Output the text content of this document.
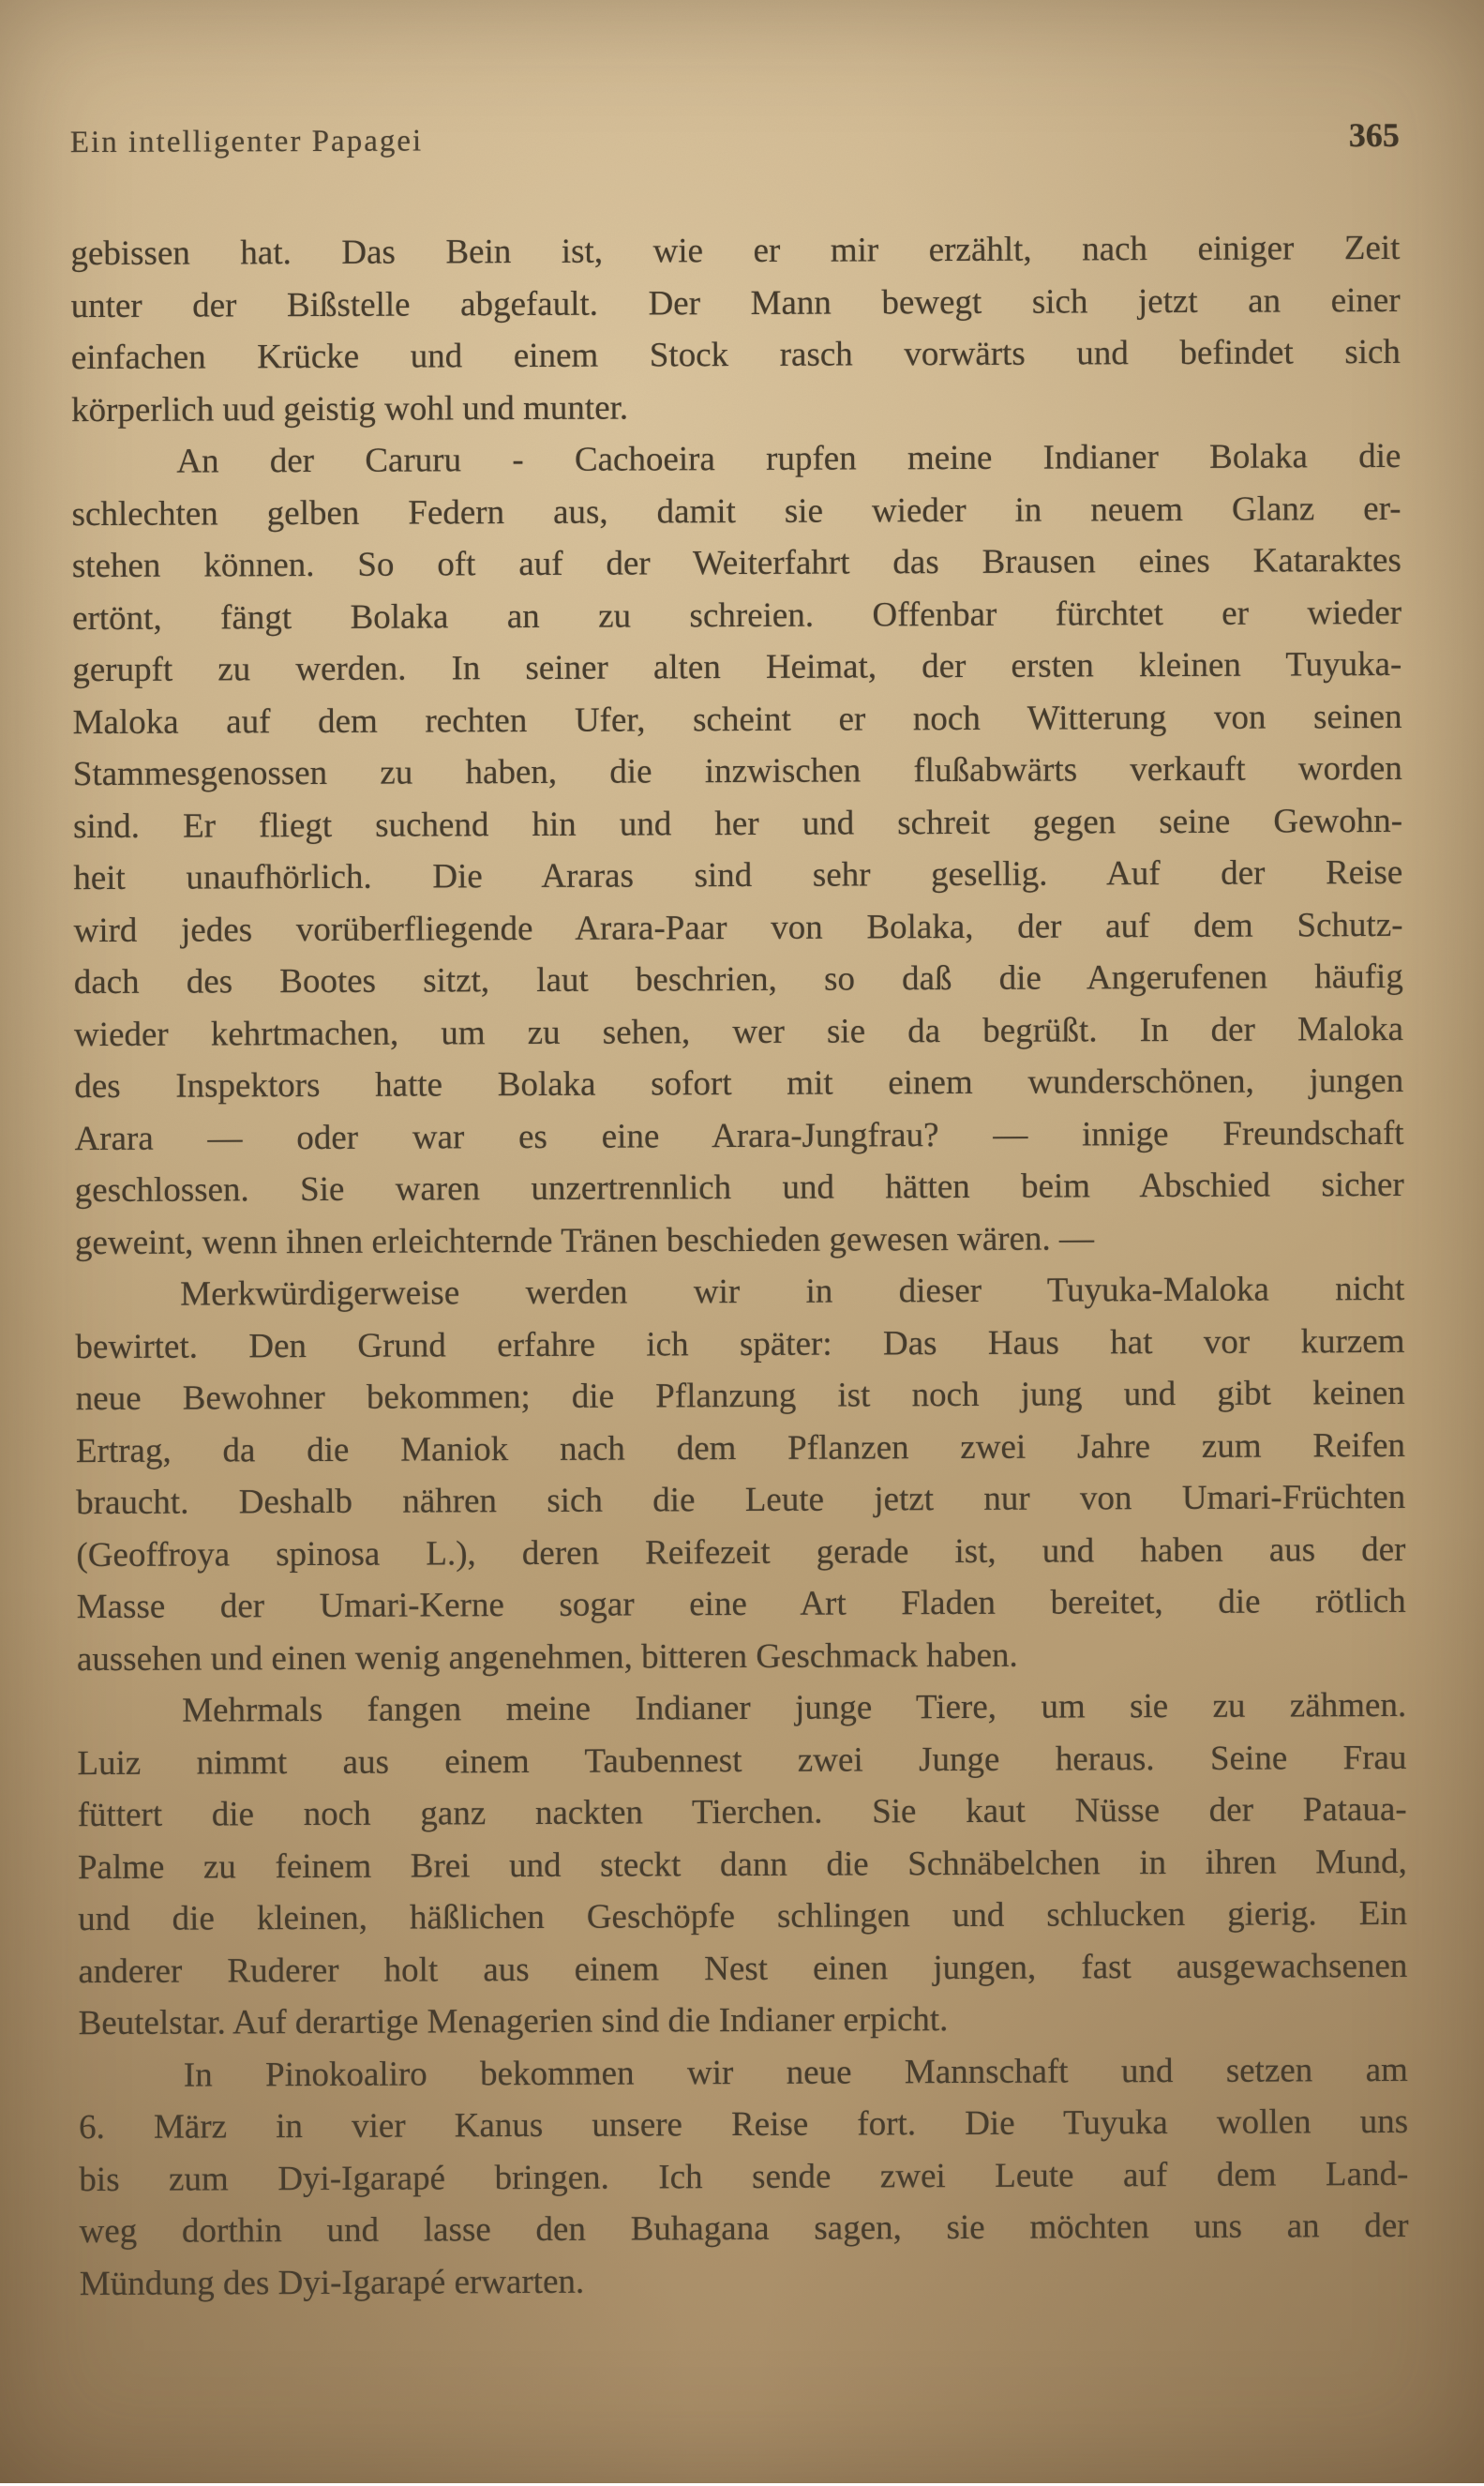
Ein intelligenter Papagei	365
gebissen hat. Das Bein ist, wie er mir erzählt, nach einiger Zeit
unter der Bißstelle abgefault. Der Mann bewegt sich jetzt an einer
einfachen Krücke und einem Stock rasch vorwärts und befindet sich
körperlich uud geistig wohl und munter.
An der Caruru - Cachoeira rupfen meine Indianer Bolaka die
schlechten gelben Federn aus, damit sie wieder in neuem Glanz er-
stehen können. So oft auf der Weiterfahrt das Brausen eines Kataraktes
ertönt, fängt Bolaka an zu schreien. Offenbar fürchtet er wieder
gerupft zu werden. In seiner alten Heimat, der ersten kleinen Tuyuka-
Maloka auf dem rechten Ufer, scheint er noch Witterung von seinen
Stammesgenossen zu haben, die inzwischen flußabwärts verkauft worden
sind. Er fliegt suchend hin und her und schreit gegen seine Gewohn-
heit unaufhörlich. Die Araras sind sehr gesellig. Auf der Reise
wird jedes vorüberfliegende Arara-Paar von Bolaka, der auf dem Schutz-
dach des Bootes sitzt, laut beschrien, so daß die Angerufenen häufig
wieder kehrtmachen, um zu sehen, wer sie da begrüßt. In der Maloka
des Inspektors hatte Bolaka sofort mit einem wunderschönen, jungen
Arara — oder war es eine Arara-Jungfrau? — innige Freundschaft
geschlossen. Sie waren unzertrennlich und hätten beim Abschied sicher
geweint, wenn ihnen erleichternde Tränen beschieden gewesen wären. —
Merkwürdigerweise werden wir in dieser Tuyuka-Maloka nicht
bewirtet. Den Grund erfahre ich später: Das Haus hat vor kurzem
neue Bewohner bekommen; die Pflanzung ist noch jung und gibt keinen
Ertrag, da die Maniok nach dem Pflanzen zwei Jahre zum Reifen
braucht. Deshalb nähren sich die Leute jetzt nur von Umari-Früchten
(Geoffroya spinosa L.), deren Reifezeit gerade ist, und haben aus der
Masse der Umari-Kerne sogar eine Art Fladen bereitet, die rötlich
aussehen und einen wenig angenehmen, bitteren Geschmack haben.
Mehrmals fangen meine Indianer junge Tiere, um sie zu zähmen.
Luiz nimmt aus einem Taubennest zwei Junge heraus. Seine Frau
füttert die noch ganz nackten Tierchen. Sie kaut Nüsse der Pataua-
Palme zu feinem Brei und steckt dann die Schnäbelchen in ihren Mund,
und die kleinen, häßlichen Geschöpfe schlingen und schlucken gierig. Ein
anderer Ruderer holt aus einem Nest einen jungen, fast ausgewachsenen
Beutelstar. Auf derartige Menagerien sind die Indianer erpicht.
In Pinokoaliro bekommen wir neue Mannschaft und setzen am
6. März in vier Kanus unsere Reise fort. Die Tuyuka wollen uns
bis zum Dyi-Igarapé bringen. Ich sende zwei Leute auf dem Land-
weg dorthin und lasse den Buhagana sagen, sie möchten uns an der
Mündung des Dyi-Igarapé erwarten.
